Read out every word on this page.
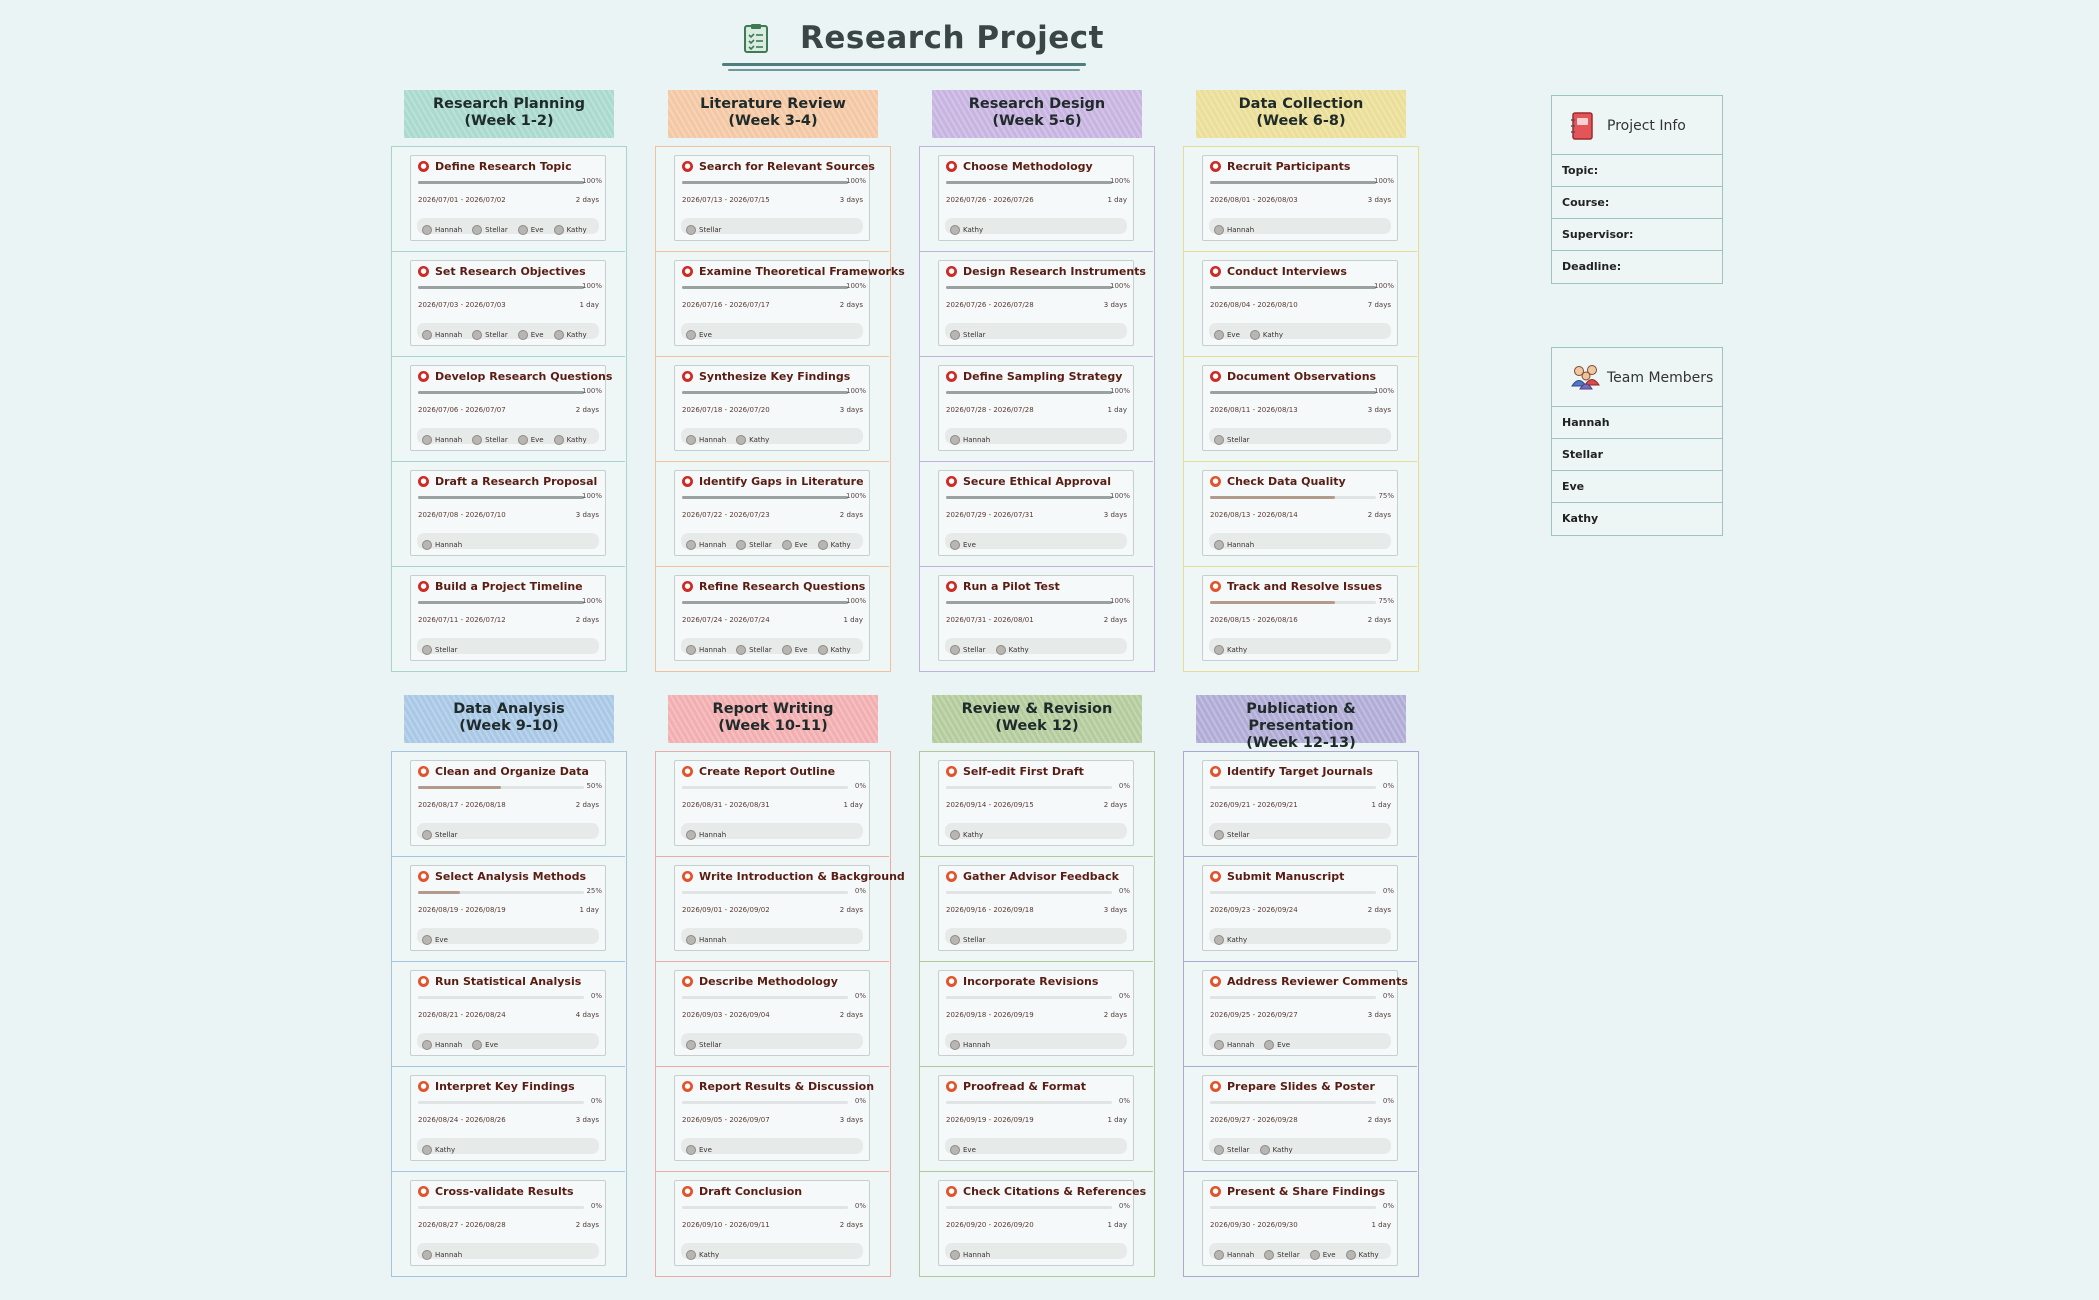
Research Project
Research Planning
(Week 1-2)
● Define Research Topic
100%
2026/07/01 - 2026/07/02	2 days
Hannah	Stellar	Eve	Kathy
● Set Research Objectives
100%
2026/07/03 - 2026/07/03	1 day
Hannah	Stellar	Eve	Kathy
● Develop Research Questions
100%
2026/07/06 - 2026/07/07	2 days
Hannah	Stellar	Eve	Kathy
● Draft a Research Proposal
100%
2026/07/08 - 2026/07/10	3 days
Hannah
● Build a Project Timeline
100%
2026/07/11 - 2026/07/12	2 days
Stellar
Literature Review
(Week 3-4)
● Search for Relevant Sources
100%
2026/07/13 - 2026/07/15	3 days
Stellar
● Examine Theoretical Frameworks
100%
2026/07/16 - 2026/07/17	2 days
Eve
● Synthesize Key Findings
100%
2026/07/18 - 2026/07/20	3 days
Hannah	Kathy
● Identify Gaps in Literature
100%
2026/07/22 - 2026/07/23	2 days
Hannah	Stellar	Eve	Kathy
● Refine Research Questions
100%
2026/07/24 - 2026/07/24	1 day
Hannah	Stellar	Eve	Kathy
Research Design
(Week 5-6)
● Choose Methodology
100%
2026/07/26 - 2026/07/26	1 day
Kathy
● Design Research Instruments
100%
2026/07/26 - 2026/07/28	3 days
Stellar
● Define Sampling Strategy
100%
2026/07/28 - 2026/07/28	1 day
Hannah
● Secure Ethical Approval
100%
2026/07/29 - 2026/07/31	3 days
Eve
● Run a Pilot Test
100%
2026/07/31 - 2026/08/01	2 days
Stellar	Kathy
Data Collection
(Week 6-8)
● Recruit Participants
100%
2026/08/01 - 2026/08/03	3 days
Hannah
● Conduct Interviews
100%
2026/08/04 - 2026/08/10	7 days
Eve	Kathy
● Document Observations
100%
2026/08/11 - 2026/08/13	3 days
Stellar
● Check Data Quality
75%
2026/08/13 - 2026/08/14	2 days
Hannah
● Track and Resolve Issues
75%
2026/08/15 - 2026/08/16	2 days
Kathy
Data Analysis
(Week 9-10)
● Clean and Organize Data
50%
2026/08/17 - 2026/08/18	2 days
Stellar
● Select Analysis Methods
25%
2026/08/19 - 2026/08/19	1 day
Eve
● Run Statistical Analysis
0%
2026/08/21 - 2026/08/24	4 days
Hannah	Eve
● Interpret Key Findings
0%
2026/08/24 - 2026/08/26	3 days
Kathy
● Cross-validate Results
0%
2026/08/27 - 2026/08/28	2 days
Hannah
Report Writing
(Week 10-11)
● Create Report Outline
0%
2026/08/31 - 2026/08/31	1 day
Hannah
● Write Introduction & Background
0%
2026/09/01 - 2026/09/02	2 days
Hannah
● Describe Methodology
0%
2026/09/03 - 2026/09/04	2 days
Stellar
● Report Results & Discussion
0%
2026/09/05 - 2026/09/07	3 days
Eve
● Draft Conclusion
0%
2026/09/10 - 2026/09/11	2 days
Kathy
Review & Revision
(Week 12)
● Self-edit First Draft
0%
2026/09/14 - 2026/09/15	2 days
Kathy
● Gather Advisor Feedback
0%
2026/09/16 - 2026/09/18	3 days
Stellar
● Incorporate Revisions
0%
2026/09/18 - 2026/09/19	2 days
Hannah
● Proofread & Format
0%
2026/09/19 - 2026/09/19	1 day
Eve
● Check Citations & References
0%
2026/09/20 - 2026/09/20	1 day
Hannah
Publication & Presentation
(Week 12-13)
● Identify Target Journals
0%
2026/09/21 - 2026/09/21	1 day
Stellar
● Submit Manuscript
0%
2026/09/23 - 2026/09/24	2 days
Kathy
● Address Reviewer Comments
0%
2026/09/25 - 2026/09/27	3 days
Hannah	Eve
● Prepare Slides & Poster
0%
2026/09/27 - 2026/09/28	2 days
Stellar	Kathy
● Present & Share Findings
0%
2026/09/30 - 2026/09/30	1 day
Hannah	Stellar	Eve	Kathy
Project Info
Topic:
Course:
Supervisor:
Deadline:
Team Members
Hannah
Stellar
Eve
Kathy
